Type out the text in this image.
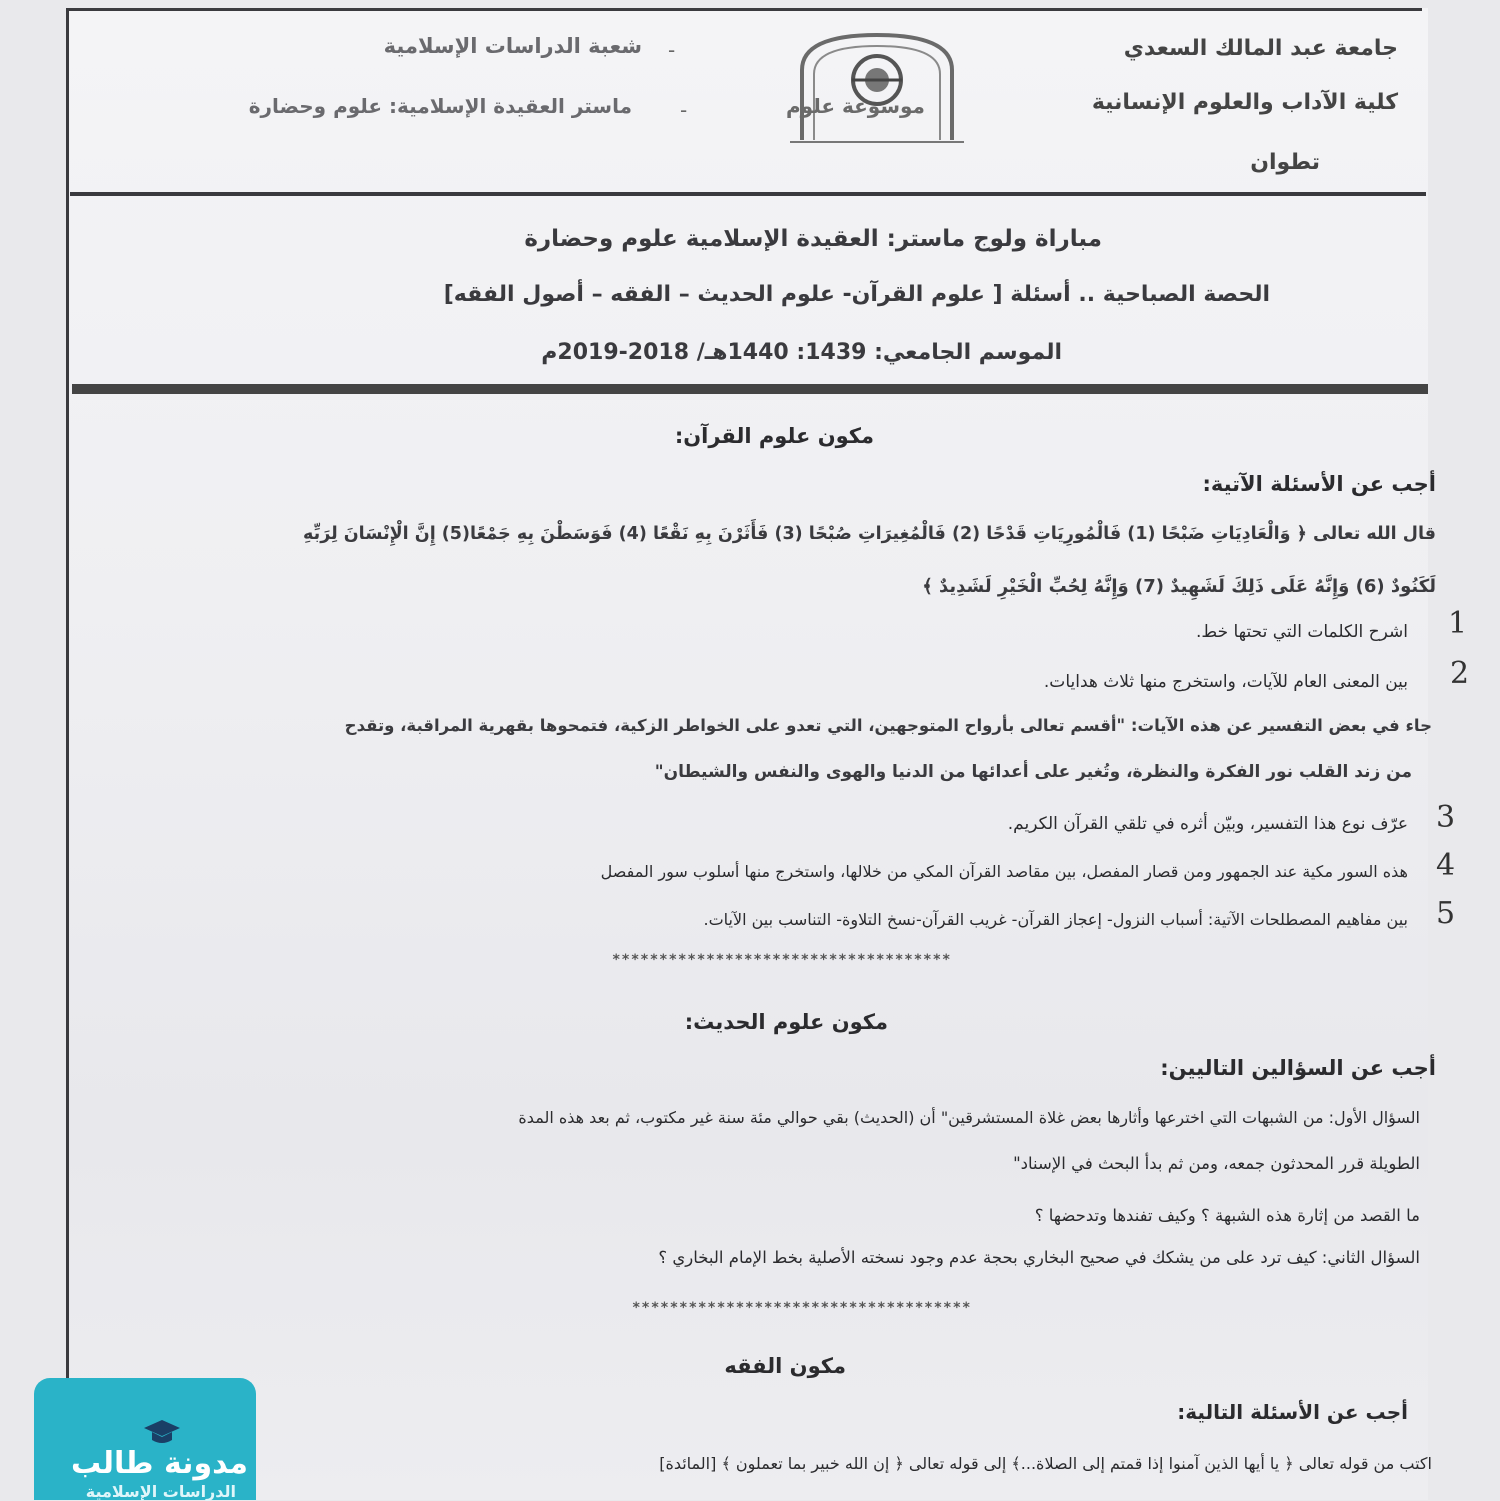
جامعة عبد المالك السعدي
كلية الآداب والعلوم الإنسانية
تطوان
شعبة الدراسات الإسلامية
ماستر العقيدة الإسلامية: علوم وحضارة
-
-	موسوعة علوم
مباراة ولوج ماستر: العقيدة الإسلامية علوم وحضارة
الحصة الصباحية .. أسئلة [ علوم القرآن- علوم الحديث – الفقه – أصول الفقه]
الموسم الجامعي: 1439: 1440هـ/ 2018-2019م
مكون علوم القرآن:
أجب عن الأسئلة الآتية:
قال الله تعالى ﴿ وَالْعَادِيَاتِ ضَبْحًا (1) فَالْمُورِيَاتِ قَدْحًا (2) فَالْمُغِيرَاتِ صُبْحًا (3) فَأَثَرْنَ بِهِ نَقْعًا (4) فَوَسَطْنَ بِهِ جَمْعًا(5) إِنَّ الْإِنْسَانَ لِرَبِّهِ
لَكَنُودٌ (6) وَإِنَّهُ عَلَى ذَلِكَ لَشَهِيدٌ (7) وَإِنَّهُ لِحُبِّ الْخَيْرِ لَشَدِيدٌ ﴾
اشرح الكلمات التي تحتها خط.
بين المعنى العام للآيات، واستخرج منها ثلاث هدايات.
جاء في بعض التفسير عن هذه الآيات: "أقسم تعالى بأرواح المتوجهين، التي تعدو على الخواطر الزكية، فتمحوها بقهرية المراقبة، وتقدح
من زند القلب نور الفكرة والنظرة، وتُغير على أعدائها من الدنيا والهوى والنفس والشيطان"
عرّف نوع هذا التفسير، وبيّن أثره في تلقي القرآن الكريم.
هذه السور مكية عند الجمهور ومن قصار المفصل، بين مقاصد القرآن المكي من خلالها، واستخرج منها أسلوب سور المفصل
بين مفاهيم المصطلحات الآتية: أسباب النزول- إعجاز القرآن- غريب القرآن-نسخ التلاوة- التناسب بين الآيات.
************************************
1
2
3
4
5
مكون علوم الحديث:
أجب عن السؤالين التاليين:
السؤال الأول: من الشبهات التي اخترعها وأثارها بعض غلاة المستشرقين" أن (الحديث) بقي حوالي مئة سنة غير مكتوب، ثم بعد هذه المدة
الطويلة قرر المحدثون جمعه، ومن ثم بدأ البحث في الإسناد"
ما القصد من إثارة هذه الشبهة ؟ وكيف تفندها وتدحضها ؟
السؤال الثاني: كيف ترد على من يشكك في صحيح البخاري بحجة عدم وجود نسخته الأصلية بخط الإمام البخاري ؟
************************************
مكون الفقه
أجب عن الأسئلة التالية:
اكتب من قوله تعالى ﴿ يا أيها الذين آمنوا إذا قمتم إلى الصلاة...﴾ إلى قوله تعالى ﴿ إن الله خبير بما تعملون ﴾ [المائدة]
مدونة طالب
الدراسات الإسلامية
